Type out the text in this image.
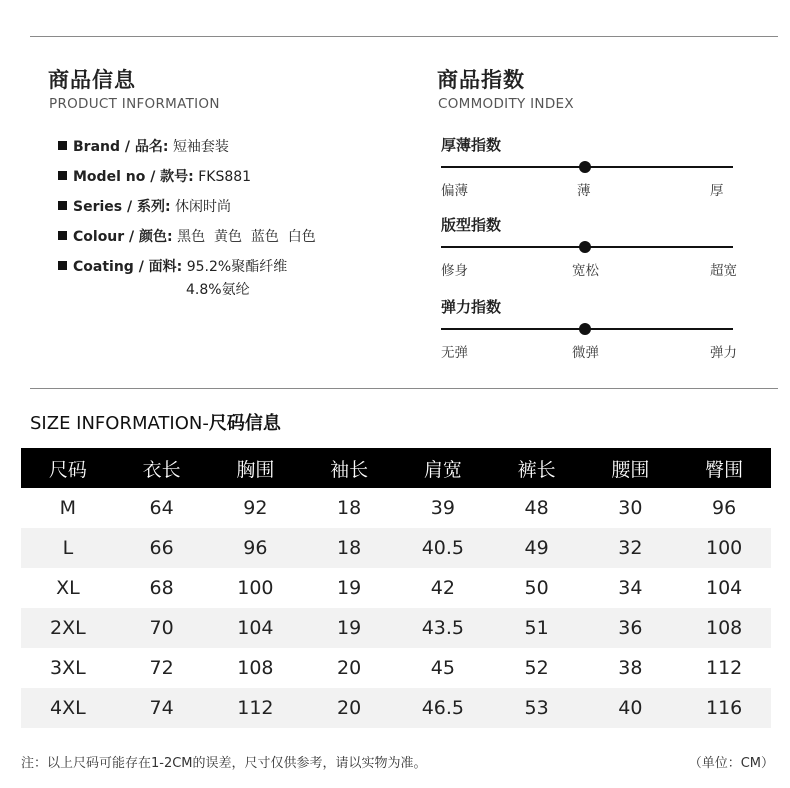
商品信息
PRODUCT INFORMATION
Brand / 品名: 短袖套装
Model no / 款号: FKS881
Series / 系列: 休闲时尚
Colour / 颜色: 黑色  黄色  蓝色  白色
Coating / 面料: 95.2%聚酯纤维
4.8%氨纶
商品指数
COMMODITY INDEX
厚薄指数
偏薄	薄	厚
版型指数
修身	宽松	超宽
弹力指数
无弹	微弹	弹力
SIZE INFORMATION-尺码信息
尺码	衣长	胸围	袖长	肩宽	裤长	腰围	臀围
M	64	92	18	39	48	30	96
L	66	96	18	40.5	49	32	100
XL	68	100	19	42	50	34	104
2XL	70	104	19	43.5	51	36	108
3XL	72	108	20	45	52	38	112
4XL	74	112	20	46.5	53	40	116
注：以上尺码可能存在1-2CM的误差，尺寸仅供参考，请以实物为准。	（单位：CM）
